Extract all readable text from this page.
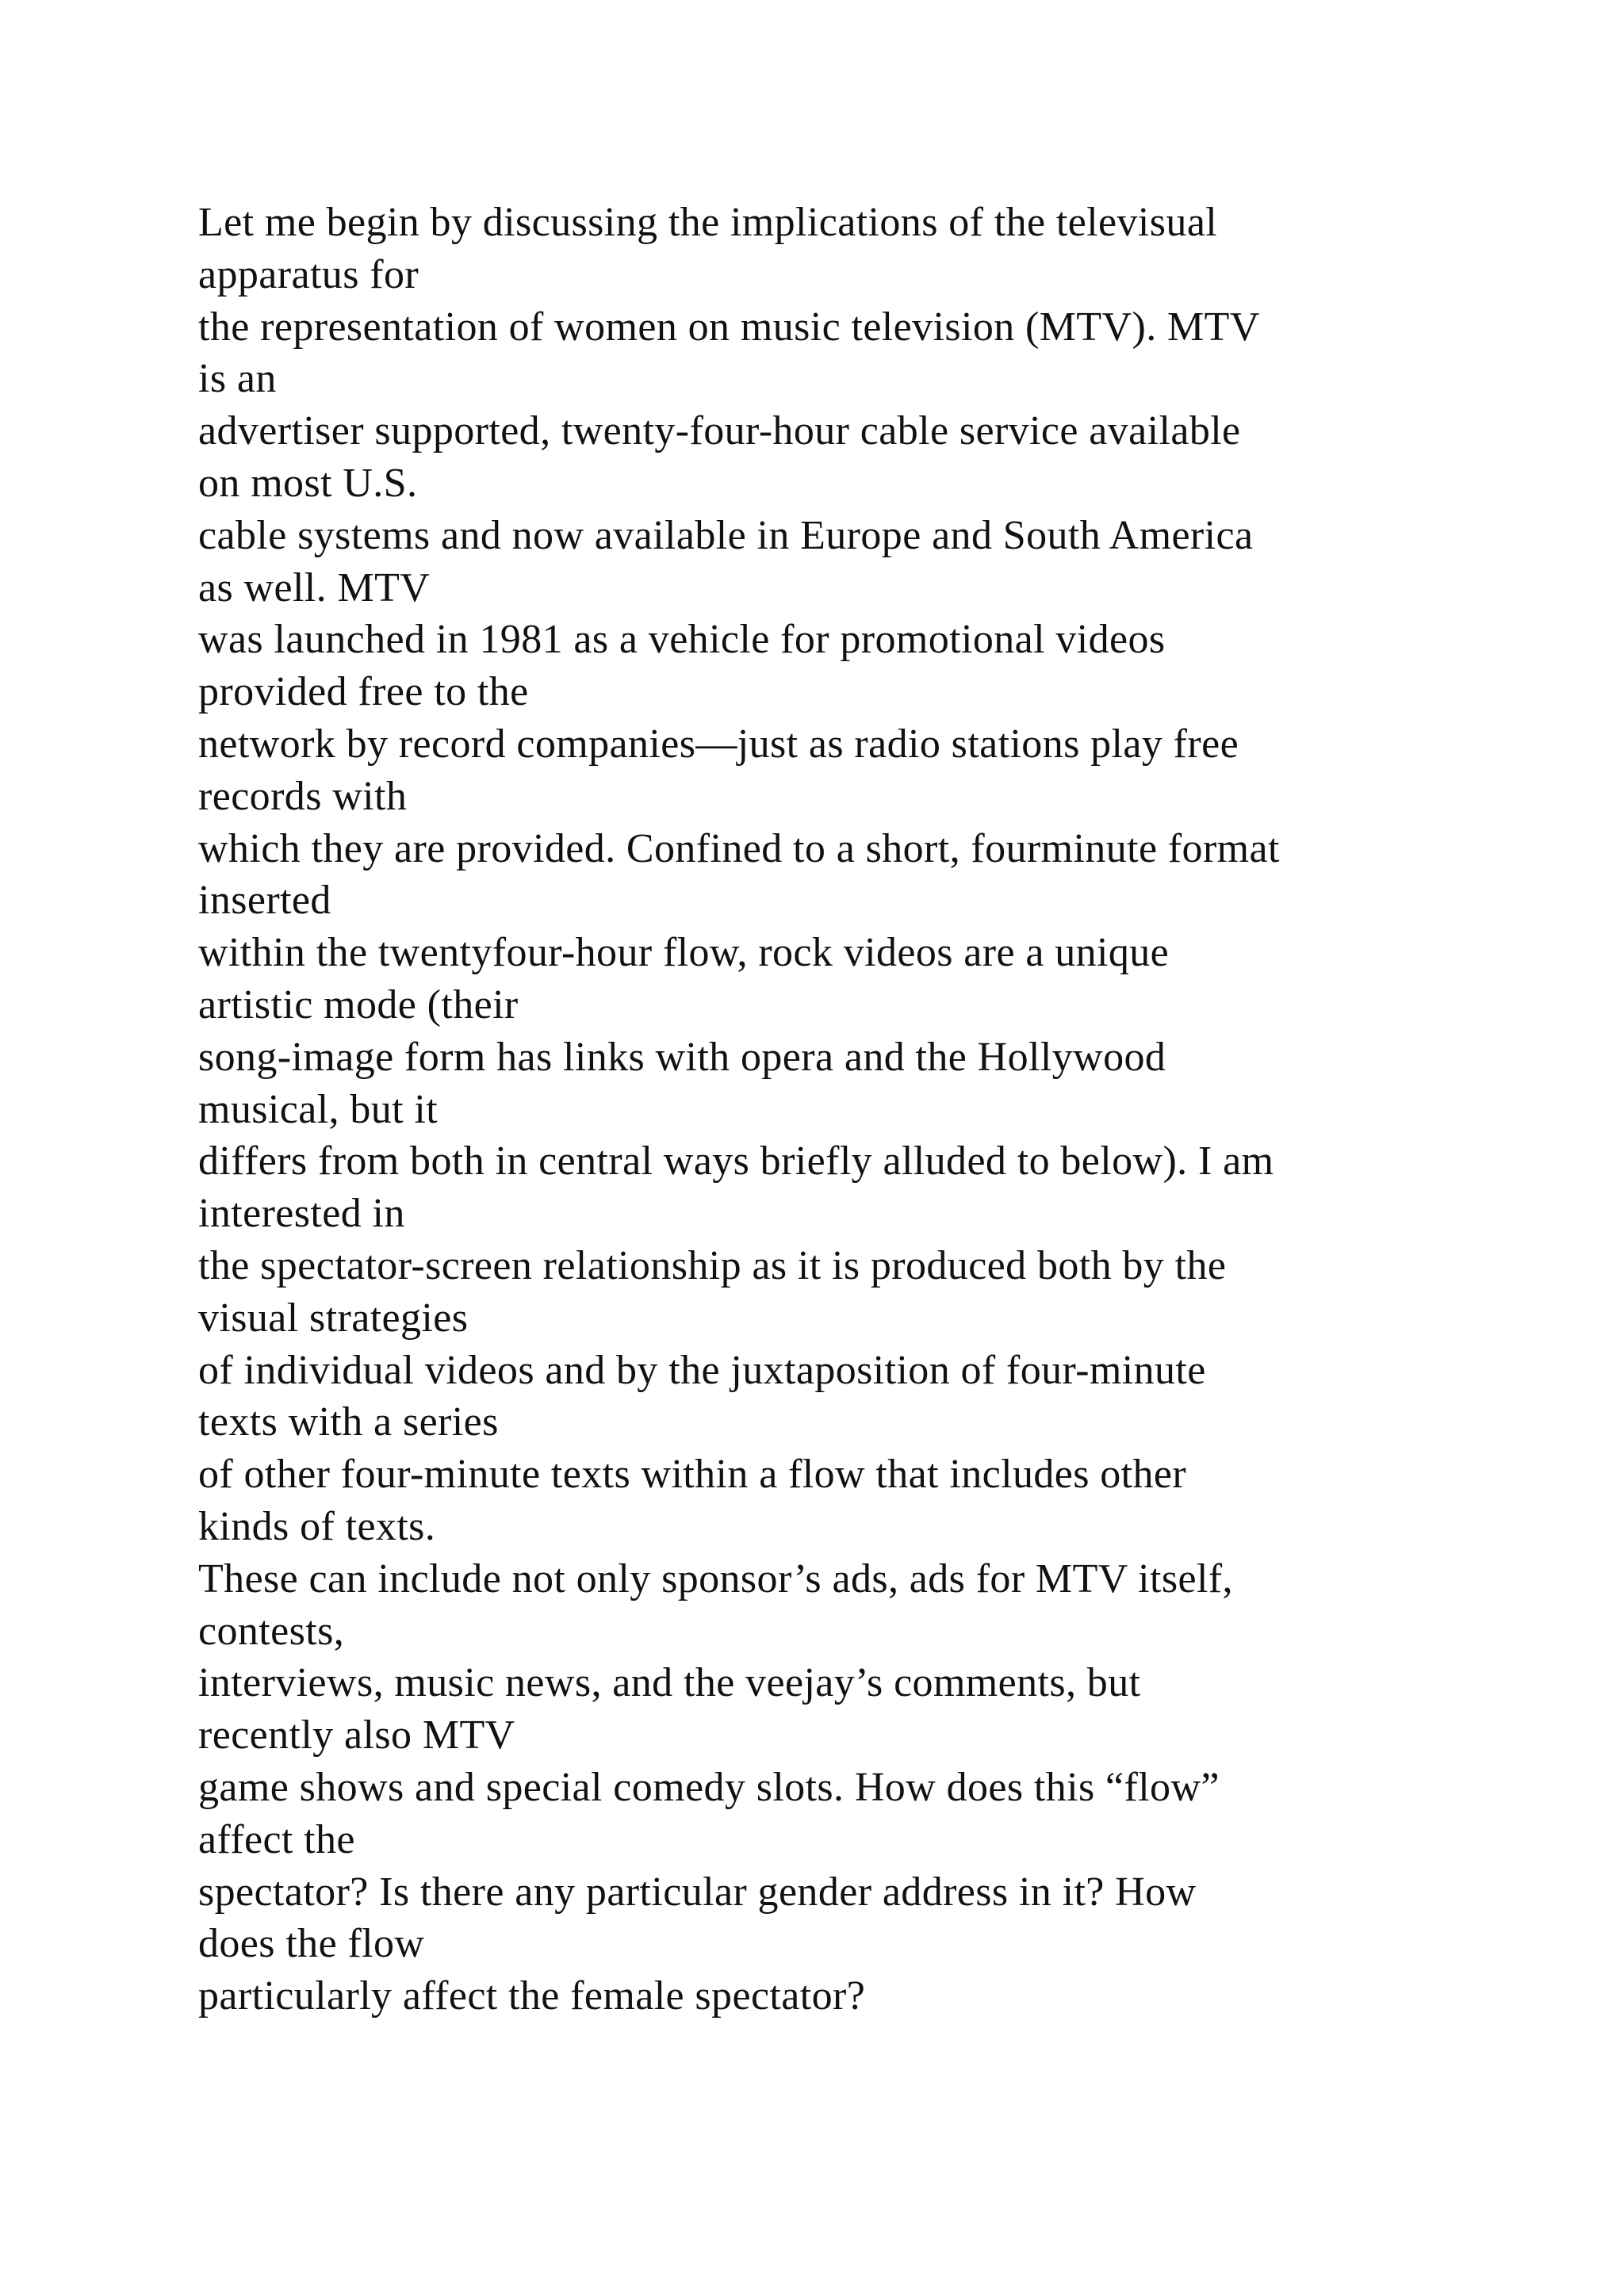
Let me begin by discussing the implications of the televisual
apparatus for
the representation of women on music television (MTV). MTV
is an
advertiser supported, twenty-four-hour cable service available
on most U.S.
cable systems and now available in Europe and South America
as well. MTV
was launched in 1981 as a vehicle for promotional videos
provided free to the
network by record companies—just as radio stations play free
records with
which they are provided. Confined to a short, fourminute format
inserted
within the twentyfour-hour flow, rock videos are a unique
artistic mode (their
song-image form has links with opera and the Hollywood
musical, but it
differs from both in central ways briefly alluded to below). I am
interested in
the spectator-screen relationship as it is produced both by the
visual strategies
of individual videos and by the juxtaposition of four-minute
texts with a series
of other four-minute texts within a flow that includes other
kinds of texts.
These can include not only sponsor’s ads, ads for MTV itself,
contests,
interviews, music news, and the veejay’s comments, but
recently also MTV
game shows and special comedy slots. How does this “flow”
affect the
spectator? Is there any particular gender address in it? How
does the flow
particularly affect the female spectator?
